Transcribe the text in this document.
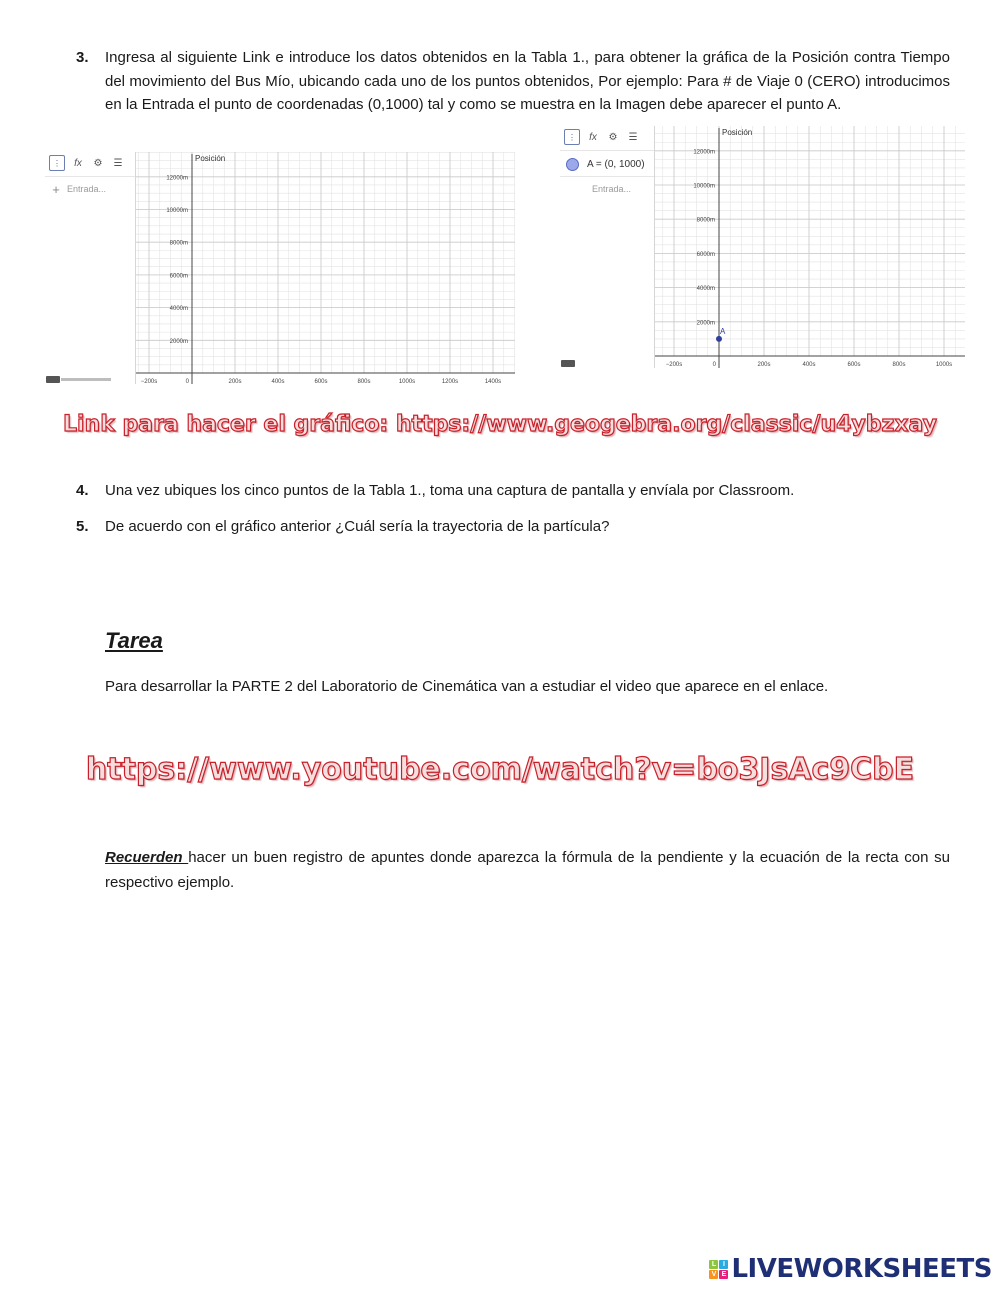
3. Ingresa al siguiente Link e introduce los datos obtenidos en la Tabla 1., para obtener la gráfica de la Posición contra Tiempo del movimiento del Bus Mío, ubicando cada uno de los puntos obtenidos, Por ejemplo: Para # de Viaje 0 (CERO) introducimos en la Entrada el punto de coordenadas (0,1000) tal y como se muestra en la Imagen debe aparecer el punto A.
⋮	fx ⚙ ☰
+ Entrada...
Posición
12000m
10000m
8000m
6000m
4000m
2000m
−200s	0	200s	400s	600s	800s	1000s	1200s	1400s
⋮	fx ⚙ ☰
A = (0, 1000)
Entrada...
Posición
12000m
10000m
8000m
6000m
4000m
2000m
−200s	0	200s	400s	600s	800s	1000s
A
Link para hacer el gráfico: https://www.geogebra.org/classic/u4ybzxay
4. Una vez ubiques los cinco puntos de la Tabla 1., toma una captura de pantalla y envíala por Classroom.
5. De acuerdo con el gráfico anterior ¿Cuál sería la trayectoria de la partícula?
Tarea
Para desarrollar la PARTE 2 del Laboratorio de Cinemática van a estudiar el video que aparece en el enlace.
https://www.youtube.com/watch?v=bo3JsAc9CbE
Recuerden hacer un buen registro de apuntes donde aparezca la fórmula de la pendiente y la ecuación de la recta con su respectivo ejemplo.
L I
V E LIVEWORKSHEETS
